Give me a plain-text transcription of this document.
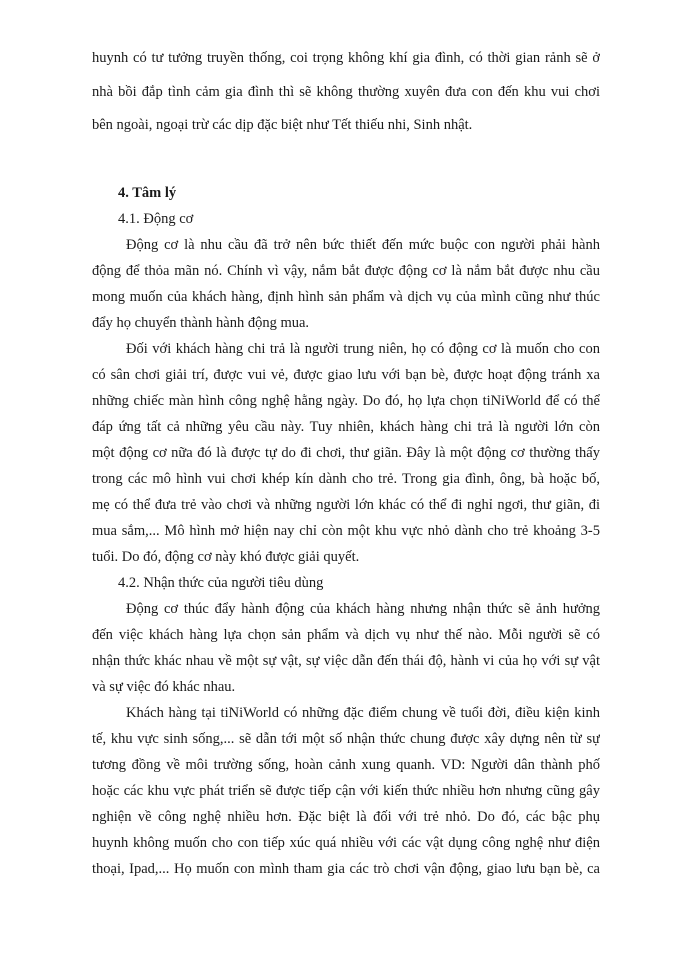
huynh có tư tưởng truyền thống, coi trọng không khí gia đình, có thời gian rảnh sẽ ở
nhà bồi đắp tình cảm gia đình thì sẽ không thường xuyên đưa con đến khu vui chơi
bên ngoài, ngoại trừ các dịp đặc biệt như Tết thiếu nhi, Sinh nhật.
4. Tâm lý
4.1. Động cơ
Động cơ là nhu cầu đã trở nên bức thiết đến mức buộc con người phải hành
động để thỏa mãn nó. Chính vì vậy, nắm bắt được động cơ là nắm bắt được nhu cầu
mong muốn của khách hàng, định hình sản phẩm và dịch vụ của mình cũng như thúc
đẩy họ chuyển thành hành động mua.
Đối với khách hàng chi trả là người trung niên, họ có động cơ là muốn cho con
có sân chơi giải trí, được vui vẻ, được giao lưu với bạn bè, được hoạt động tránh xa
những chiếc màn hình công nghệ hằng ngày. Do đó, họ lựa chọn tiNiWorld để có thể
đáp ứng tất cả những yêu cầu này. Tuy nhiên, khách hàng chi trả là người lớn còn
một động cơ nữa đó là được tự do đi chơi, thư giãn. Đây là một động cơ thường thấy
trong các mô hình vui chơi khép kín dành cho trẻ. Trong gia đình, ông, bà hoặc bố,
mẹ có thể đưa trẻ vào chơi và những người lớn khác có thể đi nghỉ ngơi, thư giãn, đi
mua sắm,... Mô hình mở hiện nay chỉ còn một khu vực nhỏ dành cho trẻ khoảng 3-5
tuổi. Do đó, động cơ này khó được giải quyết.
4.2. Nhận thức của người tiêu dùng
Động cơ thúc đẩy hành động của khách hàng nhưng nhận thức sẽ ảnh hưởng
đến việc khách hàng lựa chọn sản phẩm và dịch vụ như thế nào. Mỗi người sẽ có
nhận thức khác nhau về một sự vật, sự việc dẫn đến thái độ, hành vi của họ với sự vật
và sự việc đó khác nhau.
Khách hàng tại tiNiWorld có những đặc điểm chung về tuổi đời, điều kiện kinh
tế, khu vực sinh sống,... sẽ dẫn tới một số nhận thức chung được xây dựng nên từ sự
tương đồng về môi trường sống, hoàn cảnh xung quanh. VD: Người dân thành phố
hoặc các khu vực phát triển sẽ được tiếp cận với kiến thức nhiều hơn nhưng cũng gây
nghiện về công nghệ nhiều hơn. Đặc biệt là đối với trẻ nhỏ. Do đó, các bậc phụ
huynh không muốn cho con tiếp xúc quá nhiều với các vật dụng công nghệ như điện
thoại, Ipad,... Họ muốn con mình tham gia các trò chơi vận động, giao lưu bạn bè, ca
